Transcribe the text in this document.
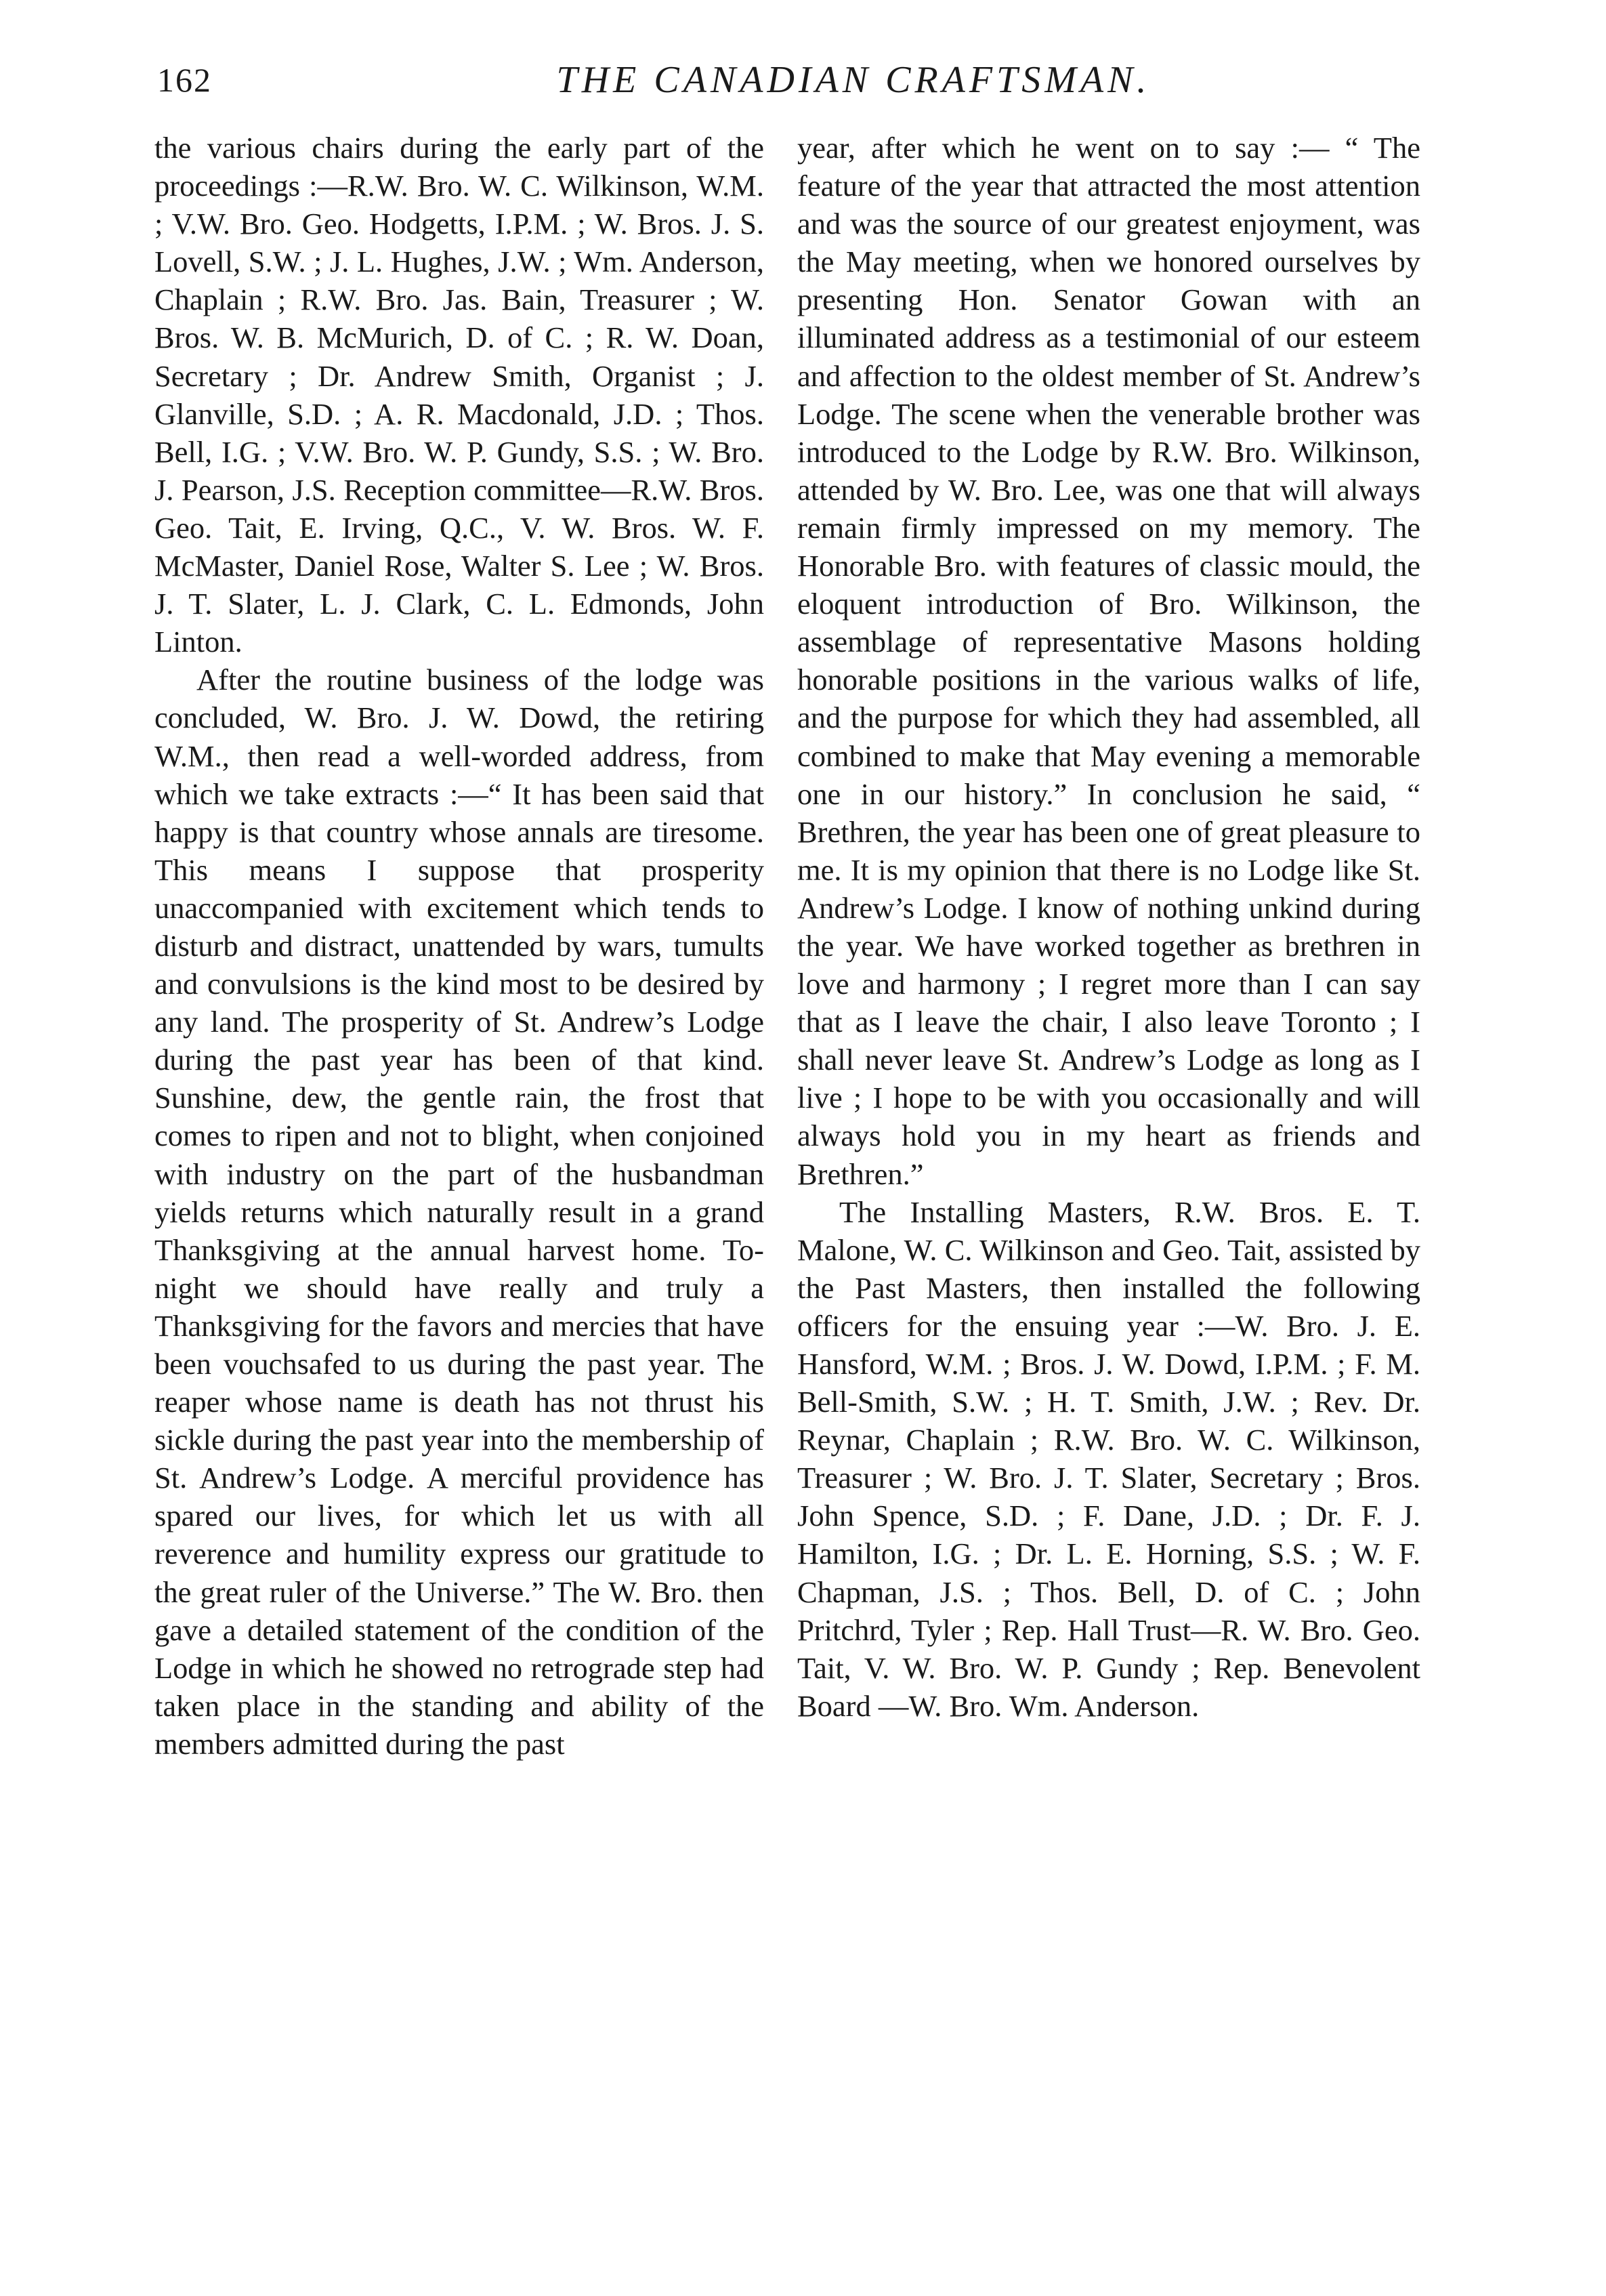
162	THE CANADIAN CRAFTSMAN.

the various chairs during the early part of the proceedings :—R.W. Bro. W. C. Wilkinson, W.M. ; V.W. Bro. Geo. Hodgetts, I.P.M. ; W. Bros. J. S. Lovell, S.W. ; J. L. Hughes, J.W. ; Wm. Anderson, Chaplain ; R.W. Bro. Jas. Bain, Treasurer ; W. Bros. W. B. McMurich, D. of C. ; R. W. Doan, Secretary ; Dr. Andrew Smith, Organist ; J. Glanville, S.D. ; A. R. Macdonald, J.D. ; Thos. Bell, I.G. ; V.W. Bro. W. P. Gundy, S.S. ; W. Bro. J. Pearson, J.S. Reception committee—R.W. Bros. Geo. Tait, E. Irving, Q.C., V. W. Bros. W. F. McMaster, Daniel Rose, Walter S. Lee ; W. Bros. J. T. Slater, L. J. Clark, C. L. Edmonds, John Linton.

After the routine business of the lodge was concluded, W. Bro. J. W. Dowd, the retiring W.M., then read a well-worded address, from which we take extracts :—“ It has been said that happy is that country whose annals are tiresome. This means I suppose that prosperity unaccompanied with excitement which tends to disturb and distract, unattended by wars, tumults and convulsions is the kind most to be desired by any land. The prosperity of St. Andrew’s Lodge during the past year has been of that kind. Sunshine, dew, the gentle rain, the frost that comes to ripen and not to blight, when conjoined with industry on the part of the husbandman yields returns which naturally result in a grand Thanksgiving at the annual harvest home. To-night we should have really and truly a Thanksgiving for the favors and mercies that have been vouchsafed to us during the past year. The reaper whose name is death has not thrust his sickle during the past year into the membership of St. Andrew’s Lodge. A merciful providence has spared our lives, for which let us with all reverence and humility express our gratitude to the great ruler of the Universe.” The W. Bro. then gave a detailed statement of the condition of the Lodge in which he showed no retrograde step had taken place in the standing and ability of the members admitted during the past

year, after which he went on to say :— “ The feature of the year that attracted the most attention and was the source of our greatest enjoyment, was the May meeting, when we honored ourselves by presenting Hon. Senator Gowan with an illuminated address as a testimonial of our esteem and affection to the oldest member of St. Andrew’s Lodge. The scene when the venerable brother was introduced to the Lodge by R.W. Bro. Wilkinson, attended by W. Bro. Lee, was one that will always remain firmly impressed on my memory. The Honorable Bro. with features of classic mould, the eloquent introduction of Bro. Wilkinson, the assemblage of representative Masons holding honorable positions in the various walks of life, and the purpose for which they had assembled, all combined to make that May evening a memorable one in our history.” In conclusion he said, “ Brethren, the year has been one of great pleasure to me. It is my opinion that there is no Lodge like St. Andrew’s Lodge. I know of nothing unkind during the year. We have worked together as brethren in love and harmony ; I regret more than I can say that as I leave the chair, I also leave Toronto ; I shall never leave St. Andrew’s Lodge as long as I live ; I hope to be with you occasionally and will always hold you in my heart as friends and Brethren.”

The Installing Masters, R.W. Bros. E. T. Malone, W. C. Wilkinson and Geo. Tait, assisted by the Past Masters, then installed the following officers for the ensuing year :—W. Bro. J. E. Hansford, W.M. ; Bros. J. W. Dowd, I.P.M. ; F. M. Bell-Smith, S.W. ; H. T. Smith, J.W. ; Rev. Dr. Reynar, Chaplain ; R.W. Bro. W. C. Wilkinson, Treasurer ; W. Bro. J. T. Slater, Secretary ; Bros. John Spence, S.D. ; F. Dane, J.D. ; Dr. F. J. Hamilton, I.G. ; Dr. L. E. Horning, S.S. ; W. F. Chapman, J.S. ; Thos. Bell, D. of C. ; John Pritchrd, Tyler ; Rep. Hall Trust—R. W. Bro. Geo. Tait, V. W. Bro. W. P. Gundy ; Rep. Benevolent Board —W. Bro. Wm. Anderson.
